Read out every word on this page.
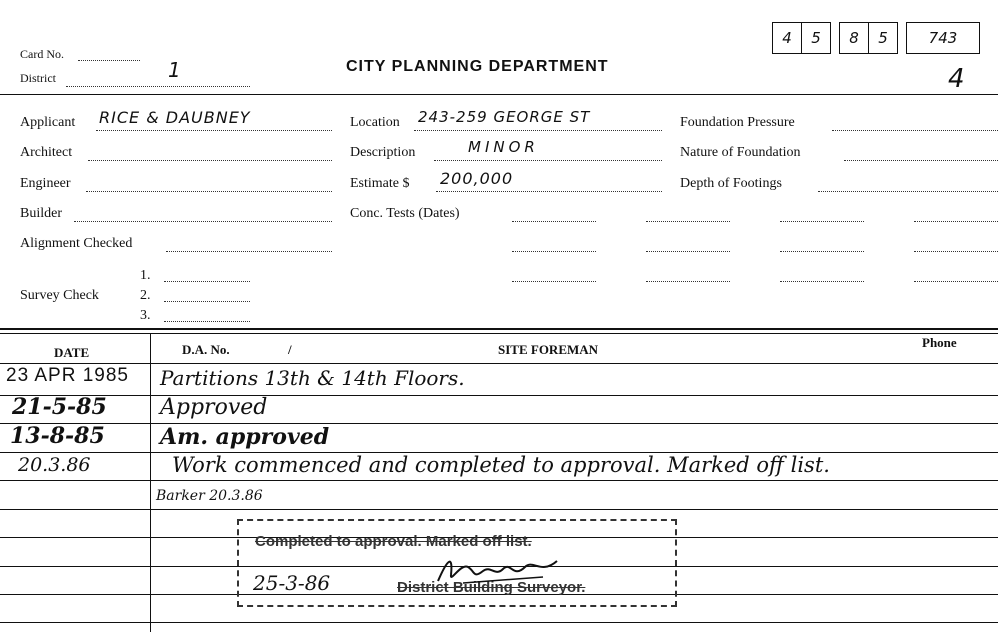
Card No.
District	1	CITY PLANNING DEPARTMENT
4	5	8	5	743
4
Applicant RICE & DAUBNEY
Architect
Engineer
Builder
Alignment Checked
Survey Check
1.
2.
3.
Location 243-259 GEORGE ST
Description	MINOR
Estimate $ 200,000
Conc. Tests (Dates)
Foundation Pressure
Nature of Foundation
Depth of Footings
DATE	D.A. No.	/	SITE FOREMAN	Phone
23 APR 1985 Partitions 13th & 14th Floors.
21-5-85 Approved
13-8-85	Am. approved
20.3.86	Work commenced and completed to approval. Marked off list.
Barker 20.3.86
Completed to approval. Marked off list.
25-3-86	District Building Surveyor.
